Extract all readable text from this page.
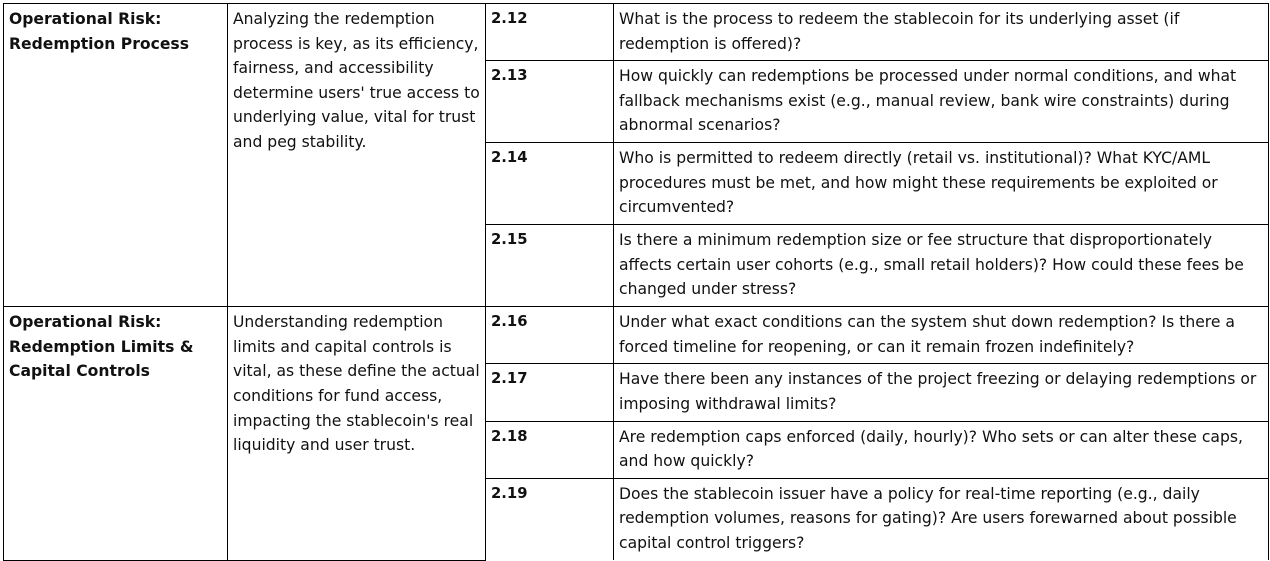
Operational Risk: Redemption Process	Analyzing the redemption process is key, as its efficiency, fairness, and accessibility determine users' true access to underlying value, vital for trust and peg stability.	2.12	What is the process to redeem the stablecoin for its underlying asset (if redemption is offered)?
		2.13	How quickly can redemptions be processed under normal conditions, and what fallback mechanisms exist (e.g., manual review, bank wire constraints) during abnormal scenarios?
		2.14	Who is permitted to redeem directly (retail vs. institutional)? What KYC/AML procedures must be met, and how might these requirements be exploited or circumvented?
		2.15	Is there a minimum redemption size or fee structure that disproportionately affects certain user cohorts (e.g., small retail holders)? How could these fees be changed under stress?
Operational Risk: Redemption Limits & Capital Controls	Understanding redemption limits and capital controls is vital, as these define the actual conditions for fund access, impacting the stablecoin's real liquidity and user trust.	2.16	Under what exact conditions can the system shut down redemption? Is there a forced timeline for reopening, or can it remain frozen indefinitely?
		2.17	Have there been any instances of the project freezing or delaying redemptions or imposing withdrawal limits?
		2.18	Are redemption caps enforced (daily, hourly)? Who sets or can alter these caps, and how quickly?
		2.19	Does the stablecoin issuer have a policy for real-time reporting (e.g., daily redemption volumes, reasons for gating)? Are users forewarned about possible capital control triggers?
